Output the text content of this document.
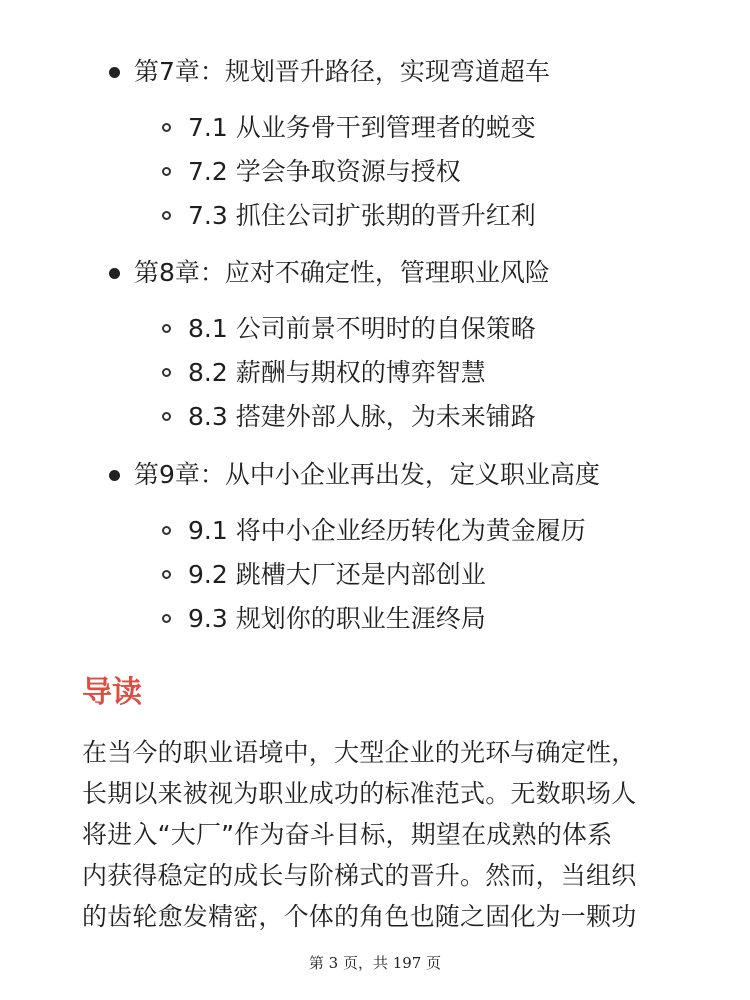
第7章：规划晋升路径，实现弯道超车
7.1 从业务骨干到管理者的蜕变
7.2 学会争取资源与授权
7.3 抓住公司扩张期的晋升红利
第8章：应对不确定性，管理职业风险
8.1 公司前景不明时的自保策略
8.2 薪酬与期权的博弈智慧
8.3 搭建外部人脉，为未来铺路
第9章：从中小企业再出发，定义职业高度
9.1 将中小企业经历转化为黄金履历
9.2 跳槽大厂还是内部创业
9.3 规划你的职业生涯终局
导读

在当今的职业语境中，大型企业的光环与确定性，
长期以来被视为职业成功的标准范式。无数职场人
将进入“大厂”作为奋斗目标，期望在成熟的体系
内获得稳定的成长与阶梯式的晋升。然而，当组织
的齿轮愈发精密，个体的角色也随之固化为一颗功

第 3 页，共 197 页
